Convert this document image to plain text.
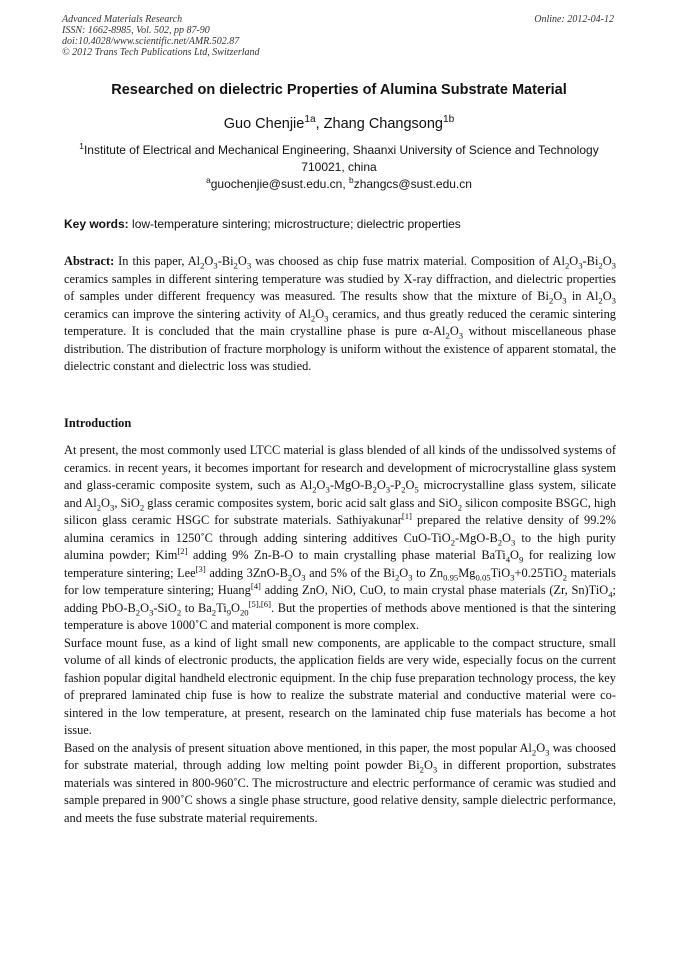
Advanced Materials Research
ISSN: 1662-8985, Vol. 502, pp 87-90
doi:10.4028/www.scientific.net/AMR.502.87
© 2012 Trans Tech Publications Ltd, Switzerland
Online: 2012-04-12
Researched on dielectric Properties of Alumina Substrate Material
Guo Chenjie$^{1a}$, Zhang Changsong$^{1b}$
$^1$Institute of Electrical and Mechanical Engineering, Shaanxi University of Science and Technology
710021, china
$^a$guochenjie@sust.edu.cn, $^b$zhangcs@sust.edu.cn
Key words: low-temperature sintering; microstructure; dielectric properties
Abstract: In this paper, $Al_2O_3-Bi_2O_3$ was choosed as chip fuse matrix material. Composition of $Al_2O_3-Bi_2O_3$ ceramics samples in different sintering temperature was studied by X-ray diffraction, and dielectric properties of samples under different frequency was measured. The results show that the mixture of $Bi_2O_3$ in $Al_2O_3$ ceramics can improve the sintering activity of $Al_2O_3$ ceramics, and thus greatly reduced the ceramic sintering temperature. It is concluded that the main crystalline phase is pure $\alpha-Al_2O_3$ without miscellaneous phase distribution. The distribution of fracture morphology is uniform without the existence of apparent stomatal, the dielectric constant and dielectric loss was studied.
Introduction

At present, the most commonly used LTCC material is glass blended of all kinds of the undissolved systems of ceramics. in recent years, it becomes important for research and development of microcrystalline glass system and glass-ceramic composite system, such as $Al_2O_3-MgO-B_2O_3-P_2O_5$ microcrystalline glass system, silicate and $Al_2O_3$, SiO$_2$ glass ceramic composites system, boric acid salt glass and SiO$_2$ silicon composite BSGC, high silicon glass ceramic HSGC for substrate materials. Sathiyakunar[1] prepared the relative density of 99.2% alumina ceramics in 1250˚C through adding sintering additives CuO-$TiO_2-MgO-B_2O_3$ to the high purity alumina powder; Kim[2] adding 9% Zn-B-O to main crystalling phase material $BaTi_4O_9$ for realizing low temperature sintering; Lee[3] adding $3ZnO-B_2O_3$ and 5% of the $Bi_2O_3$ to $Zn_{0.95}Mg_{0.05}TiO_3+0.25TiO_2$ materials for low temperature sintering; Huang[4] adding ZnO, NiO, CuO, to main crystal phase materials (Zr, Sn)TiO$_4$; adding PbO-$B_2O_3-SiO_2$ to $Ba_2Ti_9O_{20}[5],[6]$. But the properties of methods above mentioned is that the sintering temperature is above 1000˚C and material component is more complex.

Surface mount fuse, as a kind of light small new components, are applicable to the compact structure, small volume of all kinds of electronic products, the application fields are very wide, especially focus on the current fashion popular digital handheld electronic equipment. In the chip fuse preparation technology process, the key of preprared laminated chip fuse is how to realize the substrate material and conductive material were co-sintered in the low temperature, at present, research on the laminated chip fuse materials has become a hot issue.

Based on the analysis of present situation above mentioned, in this paper, the most popular $Al_2O_3$ was choosed for substrate material, through adding low melting point powder $Bi_2O_3$ in different proportion, substrates materials was sintered in 800-960˚C. The microstructure and electric performance of ceramic was studied and sample prepared in 900˚C shows a single phase structure, good relative density, sample dielectric performance, and meets the fuse substrate material requirements.
